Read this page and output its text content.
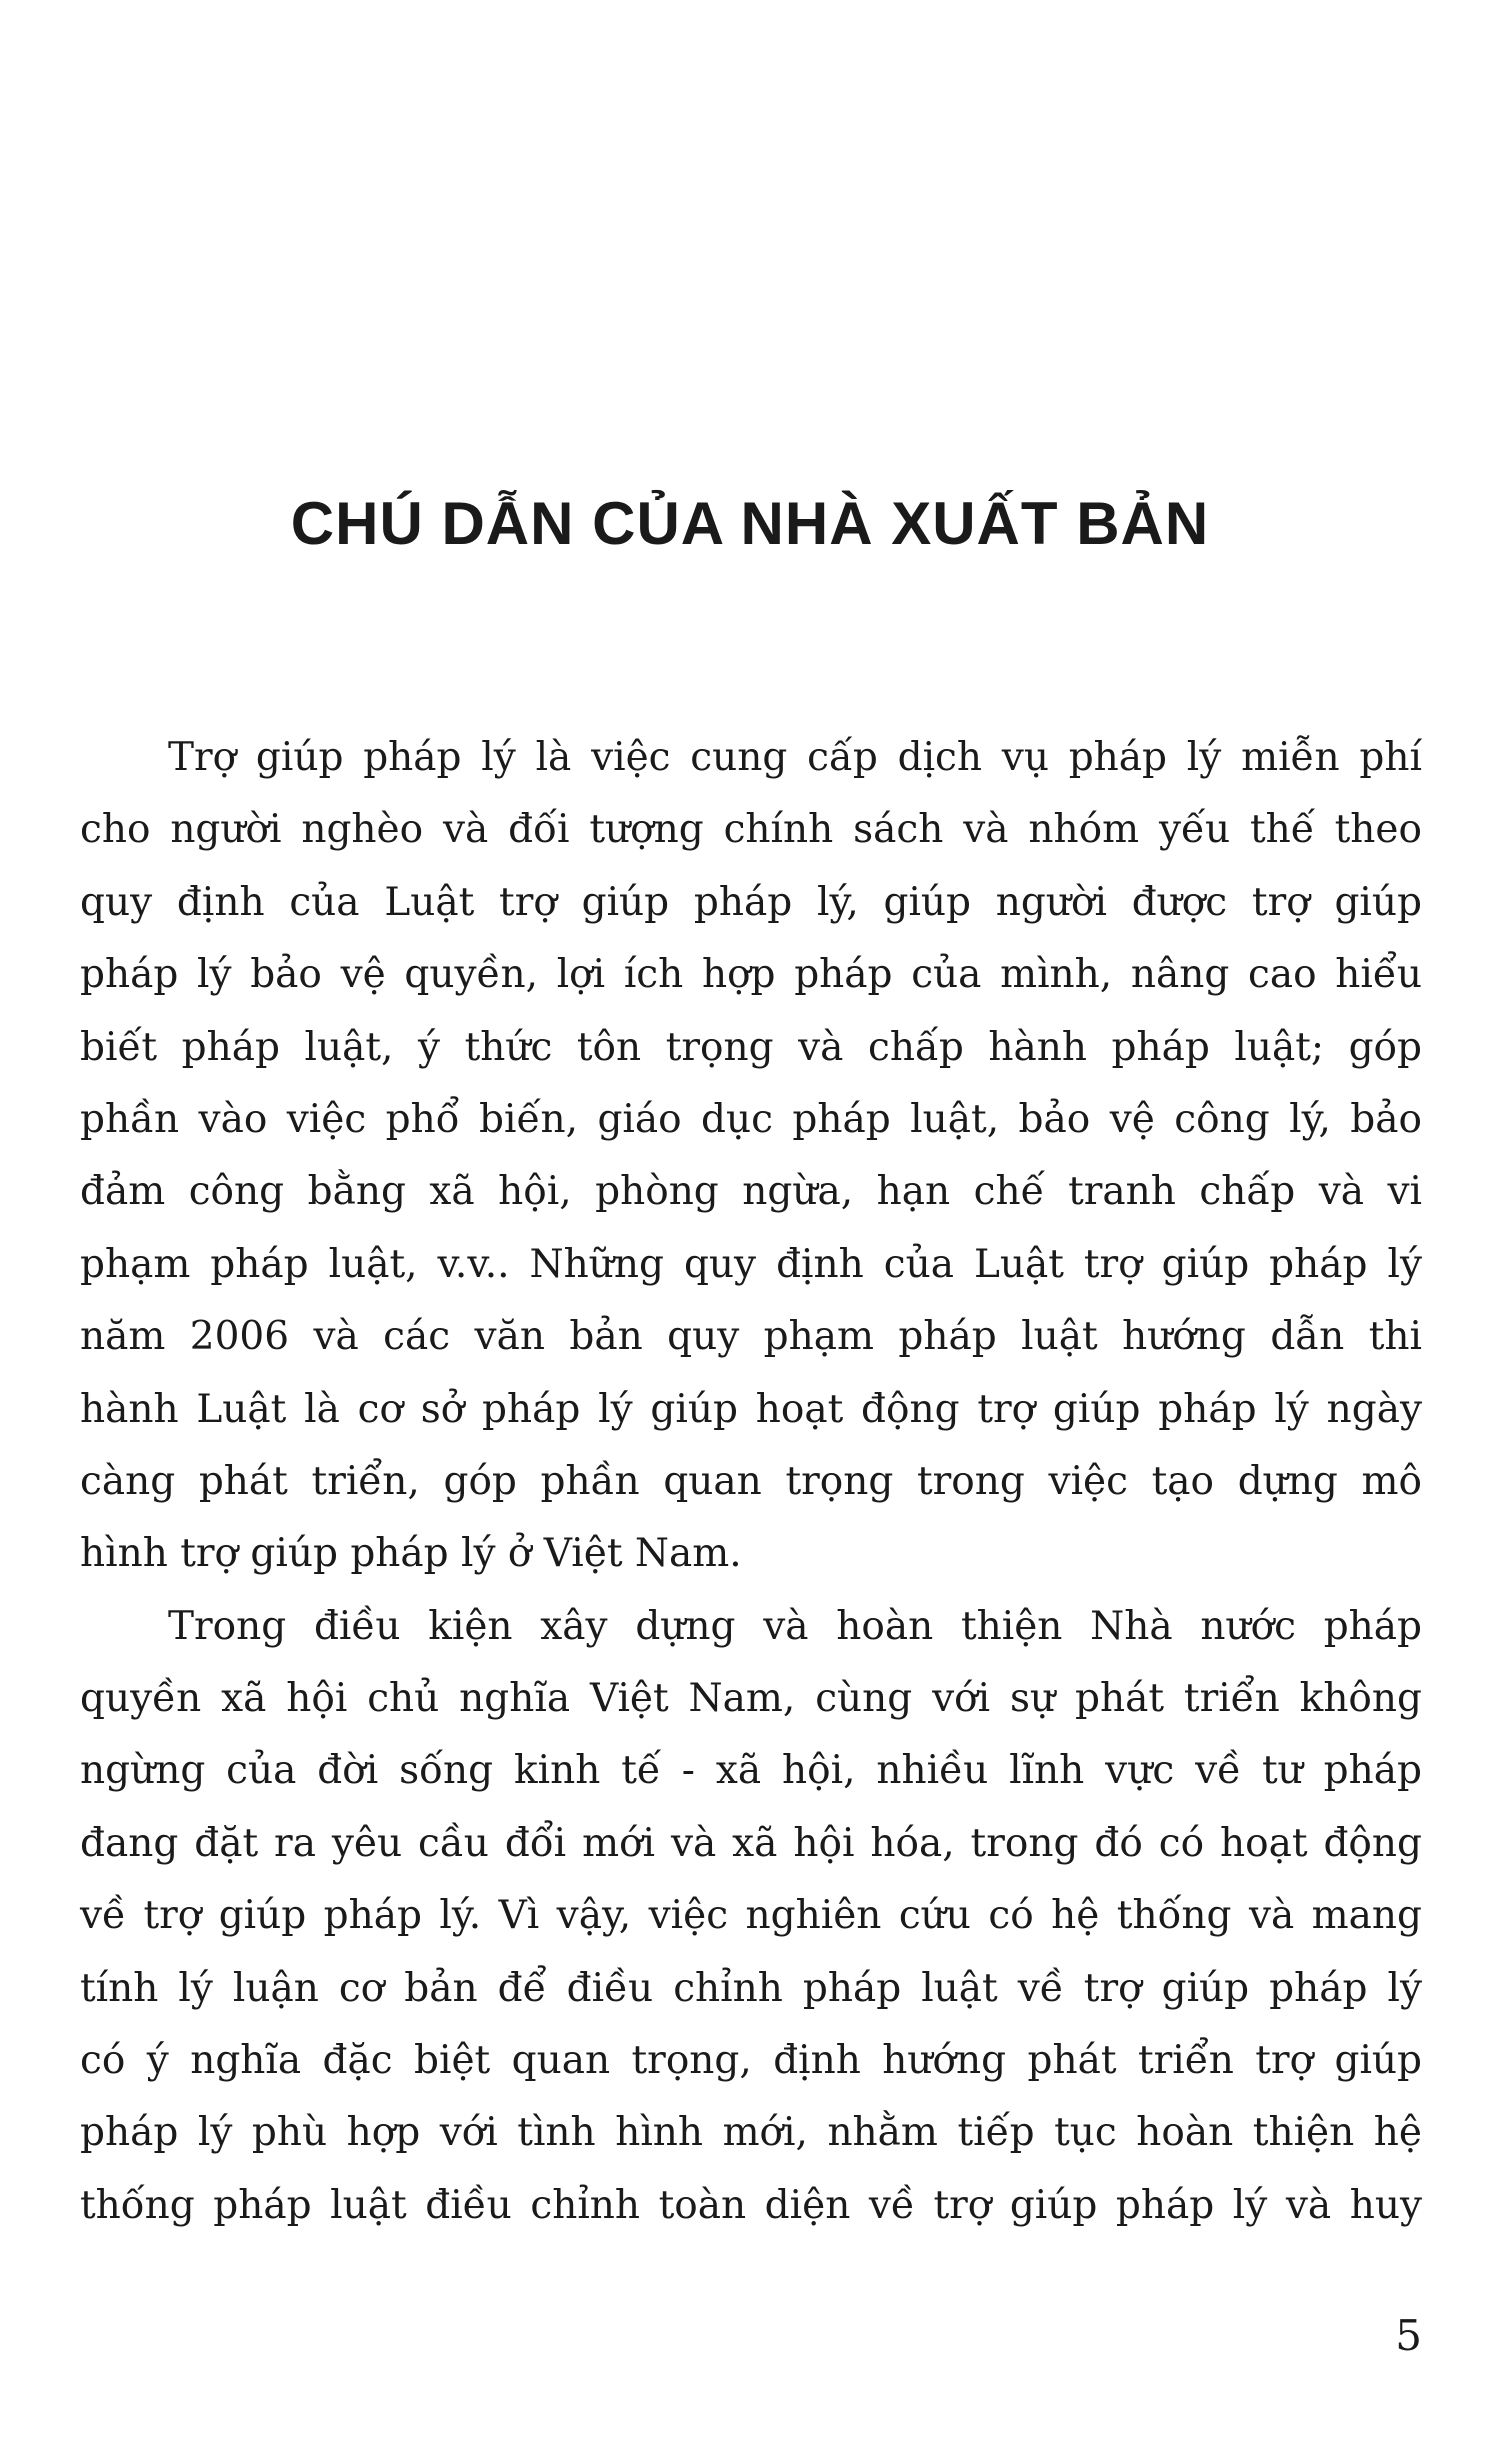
CHÚ DẪN CỦA NHÀ XUẤT BẢN
Trợ giúp pháp lý là việc cung cấp dịch vụ pháp lý miễn phí
cho người nghèo và đối tượng chính sách và nhóm yếu thế theo
quy định của Luật trợ giúp pháp lý, giúp người được trợ giúp
pháp lý bảo vệ quyền, lợi ích hợp pháp của mình, nâng cao hiểu
biết pháp luật, ý thức tôn trọng và chấp hành pháp luật; góp
phần vào việc phổ biến, giáo dục pháp luật, bảo vệ công lý, bảo
đảm công bằng xã hội, phòng ngừa, hạn chế tranh chấp và vi
phạm pháp luật, v.v.. Những quy định của Luật trợ giúp pháp lý
năm 2006 và các văn bản quy phạm pháp luật hướng dẫn thi
hành Luật là cơ sở pháp lý giúp hoạt động trợ giúp pháp lý ngày
càng phát triển, góp phần quan trọng trong việc tạo dựng mô
hình trợ giúp pháp lý ở Việt Nam.
Trong điều kiện xây dựng và hoàn thiện Nhà nước pháp
quyền xã hội chủ nghĩa Việt Nam, cùng với sự phát triển không
ngừng của đời sống kinh tế - xã hội, nhiều lĩnh vực về tư pháp
đang đặt ra yêu cầu đổi mới và xã hội hóa, trong đó có hoạt động
về trợ giúp pháp lý. Vì vậy, việc nghiên cứu có hệ thống và mang
tính lý luận cơ bản để điều chỉnh pháp luật về trợ giúp pháp lý
có ý nghĩa đặc biệt quan trọng, định hướng phát triển trợ giúp
pháp lý phù hợp với tình hình mới, nhằm tiếp tục hoàn thiện hệ
thống pháp luật điều chỉnh toàn diện về trợ giúp pháp lý và huy
5
